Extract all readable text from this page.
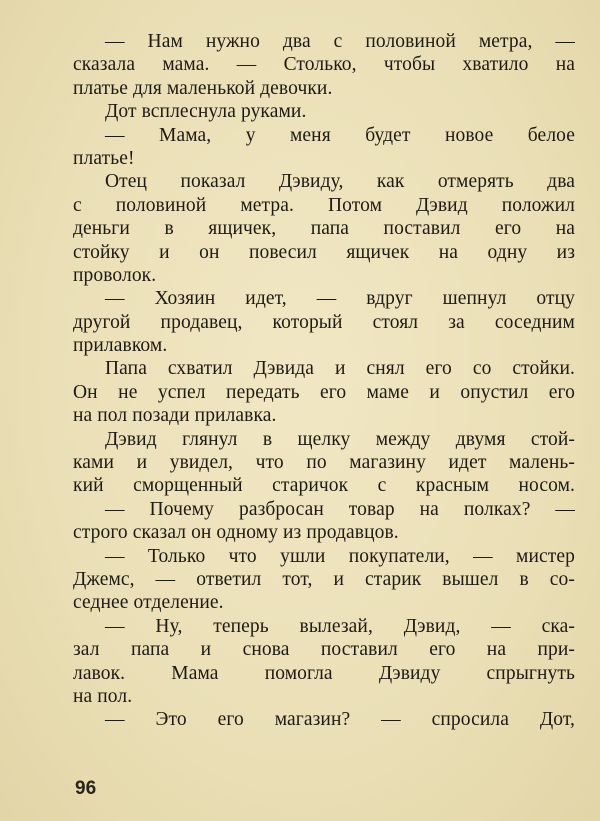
— Нам нужно два с половиной метра, —
сказала мама. — Столько, чтобы хватило на
платье для маленькой девочки.
Дот всплеснула руками.
— Мама, у меня будет новое белое
платье!
Отец показал Дэвиду, как отмерять два
с половиной метра. Потом Дэвид положил
деньги в ящичек, папа поставил его на
стойку и он повесил ящичек на одну из
проволок.
— Хозяин идет, — вдруг шепнул отцу
другой продавец, который стоял за соседним
прилавком.
Папа схватил Дэвида и снял его со стойки.
Он не успел передать его маме и опустил его
на пол позади прилавка.
Дэвид глянул в щелку между двумя стой-
ками и увидел, что по магазину идет малень-
кий сморщенный старичок с красным носом.
— Почему разбросан товар на полках? —
строго сказал он одному из продавцов.
— Только что ушли покупатели, — мистер
Джемс, — ответил тот, и старик вышел в со-
седнее отделение.
— Ну, теперь вылезай, Дэвид, — ска-
зал папа и снова поставил его на при-
лавок. Мама помогла Дэвиду спрыгнуть
на пол.
— Это его магазин? — спросила Дот,
96
